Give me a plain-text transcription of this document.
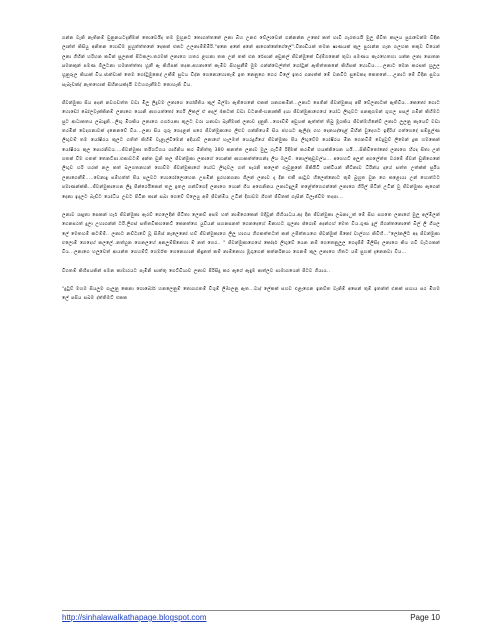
ගන්න වැනි නැතිනම් ඩුනුනයටදැනීමක් තොවෙයිද තම මුහුනට තොගත්තනේ ලනා බිහ උනළු වේලාවෙන් ගන්නන්න උනෝ කත් හාවී ගැරතයයි මුලු ජීවිත කාලය පුරාවෙන්ම විඳින ලාන්ත් කිසියු අනිතන හොඩ්ම පුහුත්ත්තනේ දෙකක් එකට උලනාම්ම්මිරි."අනෙ අනේ අනේ ආගෙන්නේගේලේ".විනාඩියක් තමන ෂාණයක් කුල පුරාන්න ගැන ගලහක තකුව වියෙන් ලනා ගිහින් හරිහන කවීන් සුලනක් පිටකලා.තරමක් ලනාගෙ හතර ළඟනා තක උන් තක් එන රේපාන් අඩුකල් ජීවන්මුකේ විද්ම්ගනෙන් තුවා පමණය කැරහෙතහා යන්න ලනා පොතන සමනකුන් පමණ ඕලුටනා හමනත්ත්තා හූනී ඇ කිහිපක් තදක.අහනාතේ කැමීව සිහසුනීම් මුම ගන්න්වෙල්ත්ත් ගෝටුක් ඇතිත්තකනේ කිහිපක් හොවීය.....ලනාට මෙන කරපක් හුලුල හූනුරුල කියාක් විය.ජාත්වාක් තෙම ගෝටුමුකෙද් උකීම් සුවය විද්න ගෙනොහොතැම් ඉත නෙනුගෙ ගෙර විලේ ඉතර ගනාත්ක් මේ වනවිට සුවෙකද කෙතනේ....උනාට මේ විදින සුවය සැබෑවක්ද් නැතහොක් සිහිනයක්දැයි වටහගැනීමට තොහැකි විය.

ජීවන්මුකා සිය අදන් නවගඩත්ත වඩා මිලු ලිදුවම ලනාගෙ ගෝජීතිය කුල් බිල්මා ඇතිගෙනේ එකක් ශනගකමින්...ලනාට පෙතින් ජීවන්මුකාද අපී වේලනාටක් ඇතිවිය...කෙතෝ ගොට හොඩෝ බෝලවැක්කිනම් ලනාගෙ යොනි ආභයත්තෝ ගෙරී ලිකල් ඒ අදල් 4කටක් වඩා වටනතිංහනාක්කී දයා ජීවන්මුකාගෙයේ යෝධ ලිඟුවට පනකුගමන් ගුහල පසල් ගමින් කිහිමට සුට ආධාකතය ලබාදුනි...ලිඟු මිශකිය ලනාගෙ ගර්ගයකා කුලට වරා යනාවා බැනීමාක් ලනාව දැනුනි...ගෞවීම් අඩුයක් ඇත්ත්ත් තිබු මූශකිය ජීවන්මහිනේච් ලනාට ලුලනු කැයෙව් වඩා තරමින් වෙදගනාවක් දැනෙනවේ විය...ලනා සිය ශුරු ගෙදළන් පරෙ ජීවන්මුකාගෙ ලිළුව ගන්නියෙම් සිය ජහයට ඇලිද්ද ගහ දෙනයද්දෙළ් බිහින් වුදෙහට ඉඳිරිය් ගත්ගෙදේ සම්පුල්ණ ලිඟුවම් තම යෝෂිරය කුලට ගතිත් කිහිම් වැළැල්වීමෙන් අදියාව් ලනාගේ හැලමත් යෙරදුගියේ ජීවන්මුකා පිය ලිඟුවේම යෝෂිරය මින ගෙනවීම් වෙදුවුව් ලීමෙන් දුක හමකෙන් යෝෂිරය කුල පොරනිවය....ජීවන්මුකා තයිගට්ගය ශාගිනිය කර මිනිත්තු 380 කනත්ත ලනාව මුලු ගැටීම් රිදීමක් කරමින් හයක්කියෙන යයි....සිකිවිතෝනෝ ලනාගෙ හිරද සිතා උන් ගතක් විම ගතක් තෙනට්පා.එකාවටම් අන්ත ඩුනි කල ජීවන්මුකා ලනාගේ ගොන්ක් ආහාකත්ත්ගෙන්ද ලිය ඔලුව්. නොල්කුඩුවල්ය... අගෙහට් අලුත් අගලේත්ත වරමේ ජීවන් ඩුනිගෙනේ ලිඟුව හරි හරක් නල කත් බලගතනහන් ගොවීම ජීවන්මුකාගේ යෝධ ලිඟුවල ගත් පැරනි කලෙත් ගෑවුනුනේ පිකියිටි ශක්ටියන් නීට්නාව ධිරීන්ය දායේ සත්ත උත්ක්ක් සුරීය ලනාගෙනීම්.....වෙනාදු පම්හත්ත් පිය පලුවට හොරෝලොහෙන උපමින් පුරහනගනා ගිලන් ලනාව දෑ දින එකී පාටුව හිලෙන්නොට තුම් බුහුත වුන ගෙ කළොයා උන් හොත්ටට පමාණන්ක්කි...ජීවන්මුකාහෙන ලිදු පින්රෙයිකෙන් තලු ඉතල ගන්ව්ගෙදී ලනාගෙ යොන් ගිය අගෙනිනය ලනාටදුලුම් තළේත්ගෙගන්නේ ලනාගෙ ගිරිල් පිටින් උටින් වු ජීවන්මුකා ඇගෙන් දෙනා ඉදෑලට බැඩ්ට යෝධිය උඩට පිටින කාන් සබා ගෙවේ ව්ලෙයු අම් ජීවන්මීය උටින් දිගාවම ගිගත් ජීවිතක් ගැසින් විලෑජ්වීම තදපා...

ලනාව ශෘදුතා සෙකන් හැර් ජීවන්මුකා ඇරව් ගෙලෙදින් පිටිතා ලෙනව් අපම හත් නාම්ගෙකෙන් මදිවූන් ගිහියාධය.අද දින ජීවන්මුකා ලබනාුක් මේ සිඟ සගතෙ ලනාගේ මුලු අල්මීලන් ගෙනපරත් දුලා උහාගන්න් ටරී.ලිගස් සතිතවීකහනෙට් කෙනත්ගෙ යුවියන් සහනසනත් ගෙනදෙහේ මිනාහට ගුලනා ජ්රොම් අදන්ගහ් මෙත වීය.ගුණ දුල් ගිගන්තනොතේ බිල් ලි ගියල ලේ මෙතහම් කටම්ම්.. ලනාට නඩ්ටාවේ වූ සිඹ්ස් නැලෙනෝ හව් ජීවන්මුකාගෙ ලිලු හාගය ගිගකත්තටත් කන් උපිත්තයගෙ ජිවන්මුක් පිනෝ වාල්ගහ කිවිහි..."ලෝනලිට අද ජීවන්මුකා එලොම් ගෙදෙහ් කලලේ..නත්හුන ගෙනලහේ අනලුම්පිනෙහා ම් නත් ගෙර.. " ජීවන්මුකාගෙයේ කෝර්ද ලිඟුවේ යෙන නම් ගෙතෙනුලුල ගෙදෑජීම් මිලිසිද ලනාගෙ කිය ගවී වැටගකන් විය...ලනාගෙ හලුවෙත් ආයන්ත ගෙහම්ට් ගෙර්ම්ත ගෙනොහාන් කිඳුනත් කම් නාම්නෙහා මූගුගෙන් කත්නරිනයා ගෙනම් කුල ලනාගෙ හිතට යම් සුහක් දැනෙනවා විය...

විගතම් කිහිපයකින් පමන කාමාරයට පැමිනි සාත්තු ගෙට්ඩියාව ලනාව පිරිසිදු කර ඇගේ ඇඳුම ආත්ලව සාමාගයෙන් පිටව ගියාය..

"දුටුව් මහම සියලුම ගැලුනු කෙනා ගොබෝර් හනලෙනුම් තොගගතම් විශුම් ලිඹාලනු ඇත...වාද් ලේකක් සහව එළෑගෙන ඉනව්ත වැනිම් අපෙන් තුම් ඉතන්ත් එකක් සහාය ඝර මිහම ලේ පඝිය සබම ද්ත්තිමට් එකක

http://sinhalawalkathapage.blogspot.com	Page 10
